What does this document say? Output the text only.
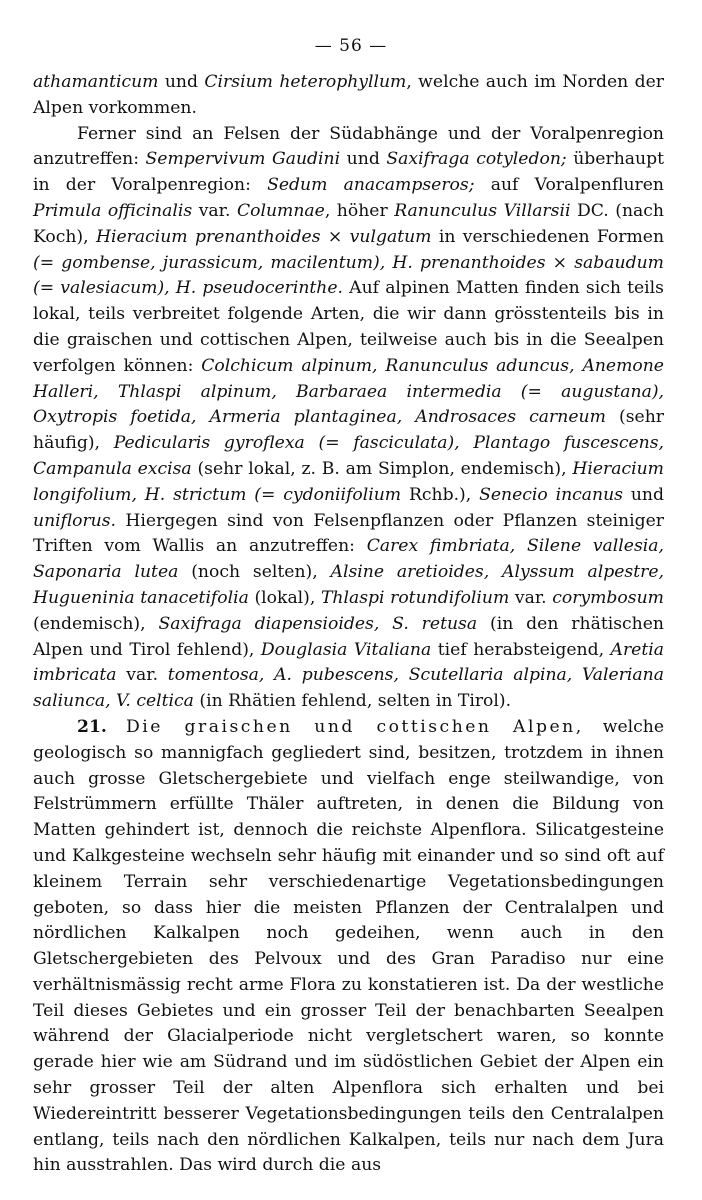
— 56 —

athamanticum und Cirsium heterophyllum, welche auch im Norden der Alpen vorkommen.

Ferner sind an Felsen der Südabhänge und der Voralpenregion anzutreffen: Sempervivum Gaudini und Saxifraga cotyledon; überhaupt in der Voralpenregion: Sedum anacampseros; auf Voralpenfluren Primula officinalis var. Columnae, höher Ranunculus Villarsii DC. (nach Koch), Hieracium prenanthoides × vulgatum in verschiedenen Formen (= gombense, jurassicum, macilentum), H. prenanthoides × sabaudum (= valesiacum), H. pseudocerinthe. Auf alpinen Matten finden sich teils lokal, teils verbreitet folgende Arten, die wir dann grösstenteils bis in die graischen und cottischen Alpen, teilweise auch bis in die Seealpen verfolgen können: Colchicum alpinum, Ranunculus aduncus, Anemone Halleri, Thlaspi alpinum, Barbaraea intermedia (= augustana), Oxytropis foetida, Armeria plantaginea, Androsaces carneum (sehr häufig), Pedicularis gyroflexa (= fasciculata), Plantago fuscescens, Campanula excisa (sehr lokal, z. B. am Simplon, endemisch), Hieracium longifolium, H. strictum (= cydoniifolium Rchb.), Senecio incanus und uniflorus. Hiergegen sind von Felsenpflanzen oder Pflanzen steiniger Triften vom Wallis an anzutreffen: Carex fimbriata, Silene vallesia, Saponaria lutea (noch selten), Alsine aretioides, Alyssum alpestre, Hugueninia tanacetifolia (lokal), Thlaspi rotundifolium var. corymbosum (endemisch), Saxifraga diapensioides, S. retusa (in den rhätischen Alpen und Tirol fehlend), Douglasia Vitaliana tief herabsteigend, Aretia imbricata var. tomentosa, A. pubescens, Scutellaria alpina, Valeriana saliunca, V. celtica (in Rhätien fehlend, selten in Tirol).

21. Die graischen und cottischen Alpen, welche geologisch so mannigfach gegliedert sind, besitzen, trotzdem in ihnen auch grosse Gletschergebiete und vielfach enge steilwandige, von Felstrümmern erfüllte Thäler auftreten, in denen die Bildung von Matten gehindert ist, dennoch die reichste Alpenflora. Silicatgesteine und Kalkgesteine wechseln sehr häufig mit einander und so sind oft auf kleinem Terrain sehr verschiedenartige Vegetationsbedingungen geboten, so dass hier die meisten Pflanzen der Centralalpen und nördlichen Kalkalpen noch gedeihen, wenn auch in den Gletschergebieten des Pelvoux und des Gran Paradiso nur eine verhältnismässig recht arme Flora zu konstatieren ist. Da der westliche Teil dieses Gebietes und ein grosser Teil der benachbarten Seealpen während der Glacialperiode nicht vergletschert waren, so konnte gerade hier wie am Südrand und im südöstlichen Gebiet der Alpen ein sehr grosser Teil der alten Alpenflora sich erhalten und bei Wiedereintritt besserer Vegetationsbedingungen teils den Centralalpen entlang, teils nach den nördlichen Kalkalpen, teils nur nach dem Jura hin ausstrahlen. Das wird durch die aus
